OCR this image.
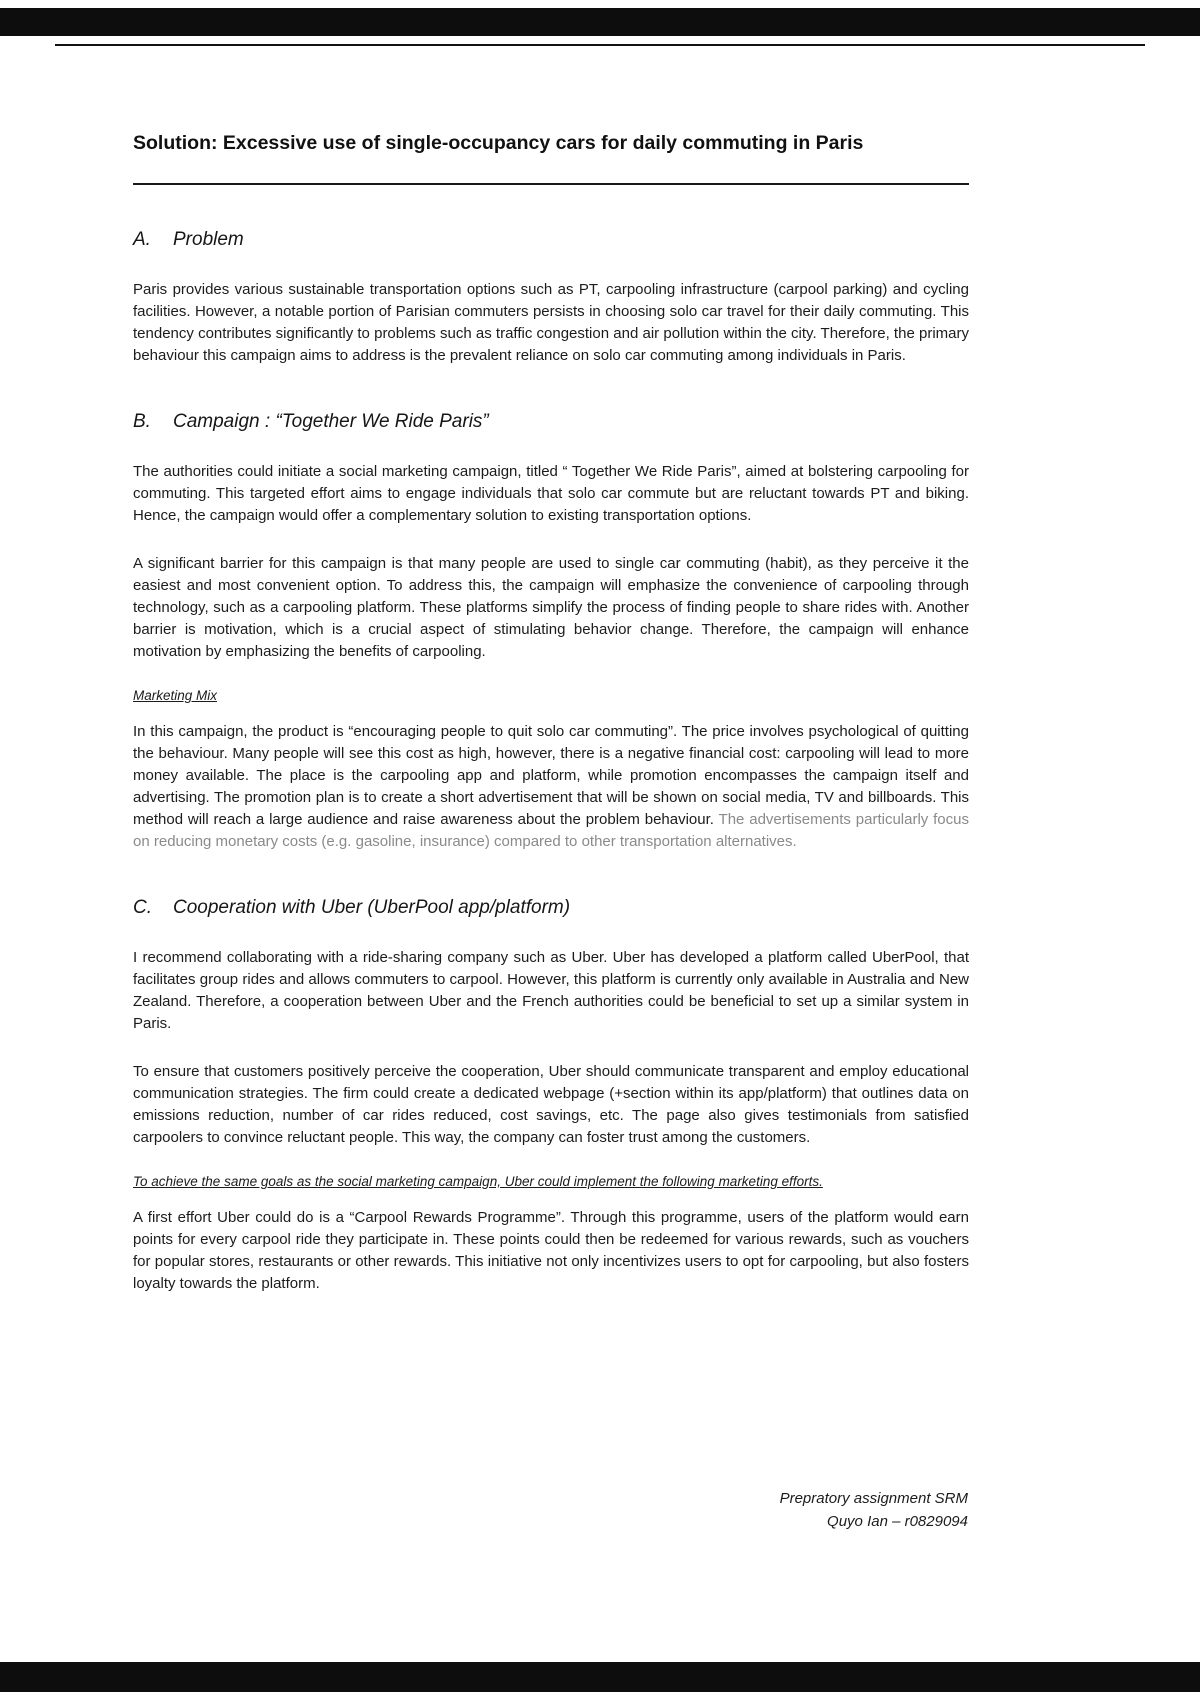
Solution: Excessive use of single-occupancy cars for daily commuting in Paris
A.	Problem

Paris provides various sustainable transportation options such as PT, carpooling infrastructure (carpool parking) and cycling facilities. However, a notable portion of Parisian commuters persists in choosing solo car travel for their daily commuting. This tendency contributes significantly to problems such as traffic congestion and air pollution within the city. Therefore, the primary behaviour this campaign aims to address is the prevalent reliance on solo car commuting among individuals in Paris.

B.	Campaign : “Together We Ride Paris”

The authorities could initiate a social marketing campaign, titled “ Together We Ride Paris”, aimed at bolstering carpooling for commuting. This targeted effort aims to engage individuals that solo car commute but are reluctant towards PT and biking. Hence, the campaign would offer a complementary solution to existing transportation options.

A significant barrier for this campaign is that many people are used to single car commuting (habit), as they perceive it the easiest and most convenient option. To address this, the campaign will emphasize the convenience of carpooling through technology, such as a carpooling platform. These platforms simplify the process of finding people to share rides with. Another barrier is motivation, which is a crucial aspect of stimulating behavior change. Therefore, the campaign will enhance motivation by emphasizing the benefits of carpooling.

Marketing Mix

In this campaign, the product is “encouraging people to quit solo car commuting”. The price involves psychological of quitting the behaviour. Many people will see this cost as high, however, there is a negative financial cost: carpooling will lead to more money available. The place is the carpooling app and platform, while promotion encompasses the campaign itself and advertising. The promotion plan is to create a short advertisement that will be shown on social media, TV and billboards. This method will reach a large audience and raise awareness about the problem behaviour. The advertisements particularly focus on reducing monetary costs (e.g. gasoline, insurance) compared to other transportation alternatives.

C.	Cooperation with Uber (UberPool app/platform)

I recommend collaborating with a ride-sharing company such as Uber. Uber has developed a platform called UberPool, that facilitates group rides and allows commuters to carpool. However, this platform is currently only available in Australia and New Zealand. Therefore, a cooperation between Uber and the French authorities could be beneficial to set up a similar system in Paris.

To ensure that customers positively perceive the cooperation, Uber should communicate transparent and employ educational communication strategies. The firm could create a dedicated webpage (+section within its app/platform) that outlines data on emissions reduction, number of car rides reduced, cost savings, etc. The page also gives testimonials from satisfied carpoolers to convince reluctant people. This way, the company can foster trust among the customers.

To achieve the same goals as the social marketing campaign, Uber could implement the following marketing efforts.

A first effort Uber could do is a “Carpool Rewards Programme”. Through this programme, users of the platform would earn points for every carpool ride they participate in. These points could then be redeemed for various rewards, such as vouchers for popular stores, restaurants or other rewards. This initiative not only incentivizes users to opt for carpooling, but also fosters loyalty towards the platform.

Prepratory assignment SRM
Quyo Ian – r0829094
